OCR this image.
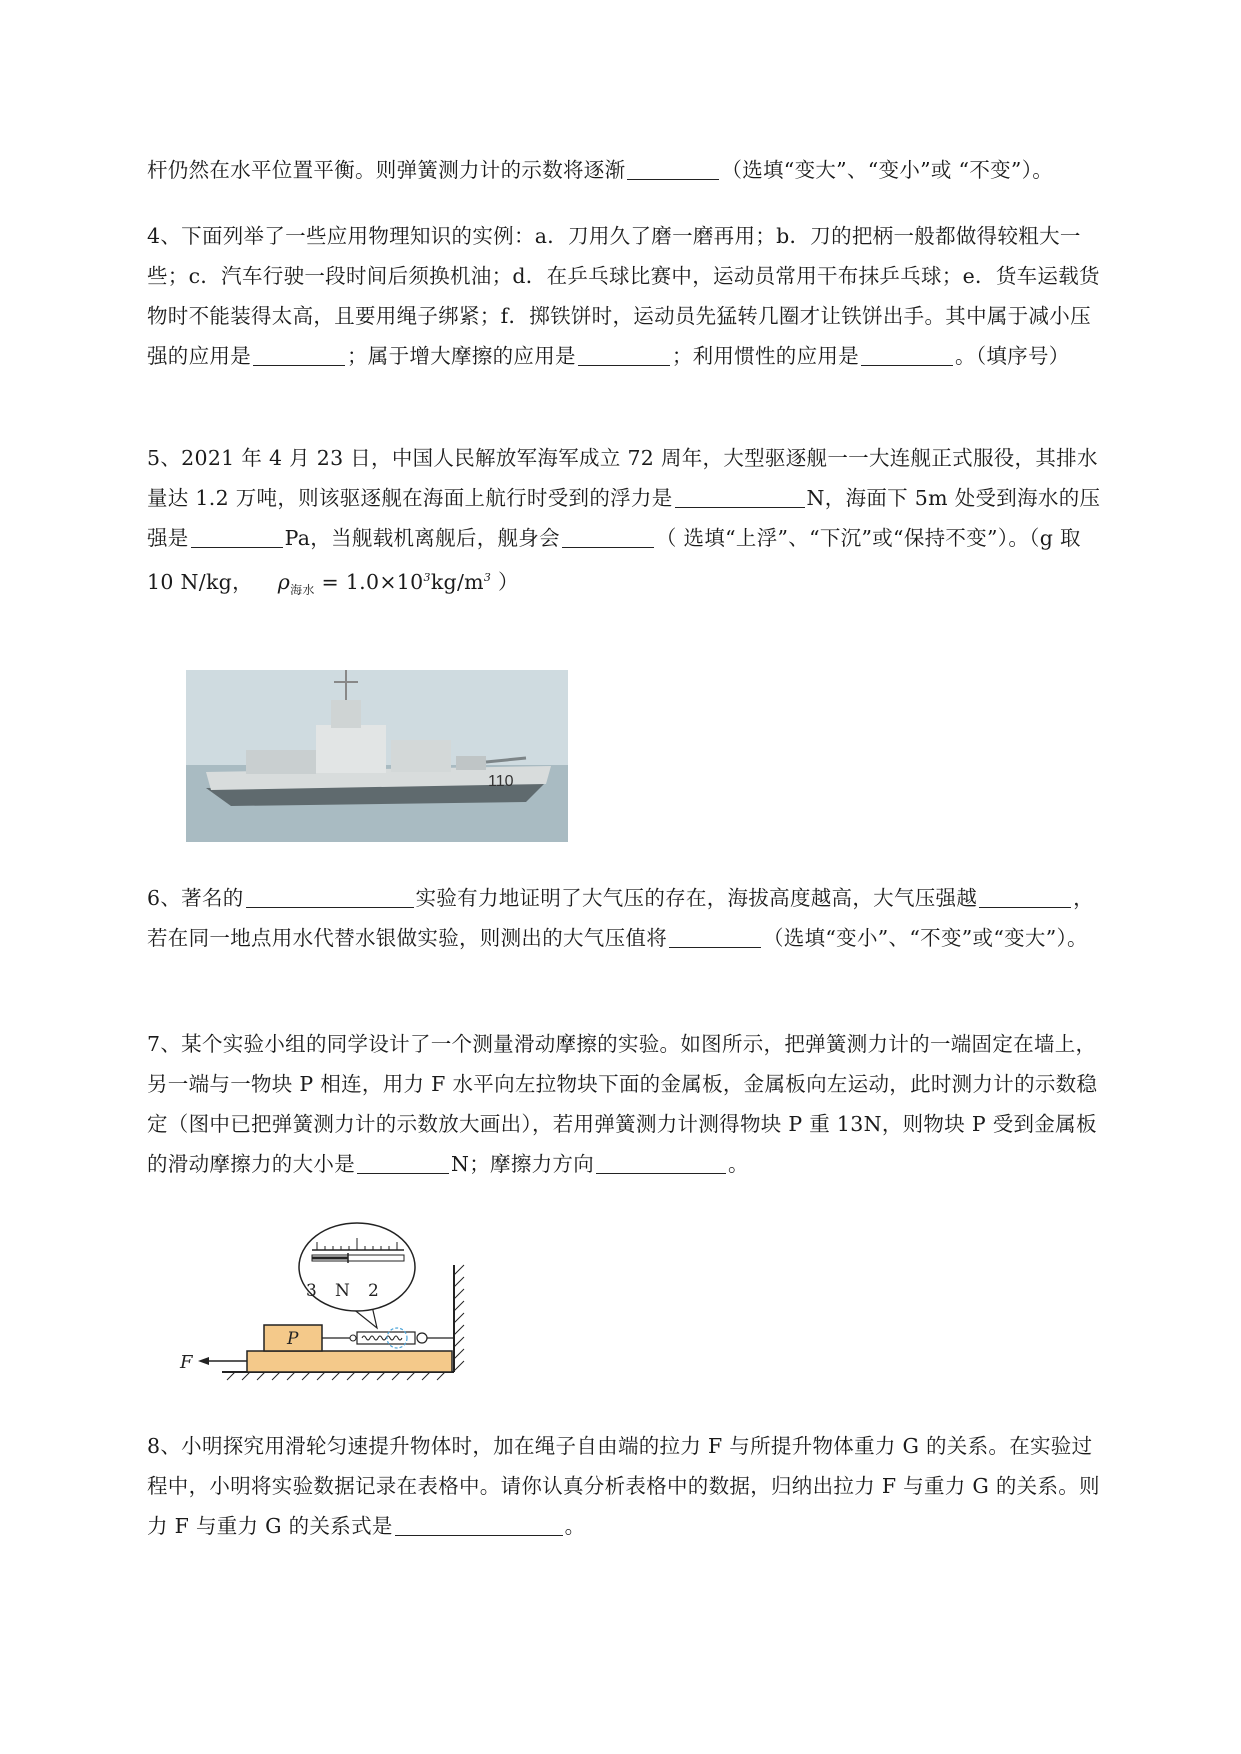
杆仍然在水平位置平衡。则弹簧测力计的示数将逐渐	（选填“变大”、“变小”或 “不变”）。
4、下面列举了一些应用物理知识的实例：a．刀用久了磨一磨再用；b．刀的把柄一般都做得较粗大一些；c．汽车行驶一段时间后须换机油；d．在乒乓球比赛中，运动员常用干布抹乒乓球；e．货车运载货物时不能装得太高，且要用绳子绑紧；f．掷铁饼时，运动员先猛转几圈才让铁饼出手。其中属于减小压强的应用是	；属于增大摩擦的应用是	；利用惯性的应用是	。（填序号）
5、2021 年 4 月 23 日，中国人民解放军海军成立 72 周年，大型驱逐舰一一大连舰正式服役，其排水量达 1.2 万吨，则该驱逐舰在海面上航行时受到的浮力是	N，海面下 5m 处受到海水的压强是	Pa，当舰载机离舰后，舰身会	（ 选填“上浮”、“下沉”或“保持不变”）。（g 取 10 N/kg， $\rho_{海水} = 1.0\times 10^3kg/m^3$ ）
110
6、著名的	实验有力地证明了大气压的存在，海拔高度越高，大气压强越	，若在同一地点用水代替水银做实验，则测出的大气压值将	（选填“变小”、“不变”或“变大”）。
7、某个实验小组的同学设计了一个测量滑动摩擦的实验。如图所示，把弹簧测力计的一端固定在墙上，另一端与一物块 P 相连，用力 F 水平向左拉物块下面的金属板，金属板向左运动，此时测力计的示数稳定（图中已把弹簧测力计的示数放大画出），若用弹簧测力计测得物块 P 重 13N，则物块 P 受到金属板的滑动摩擦力的大小是	N；摩擦力方向	。
P
F
3 N 2
8、小明探究用滑轮匀速提升物体时，加在绳子自由端的拉力 F 与所提升物体重力 G 的关系。在实验过程中，小明将实验数据记录在表格中。请你认真分析表格中的数据，归纳出拉力 F 与重力 G 的关系。则力 F 与重力 G 的关系式是	。
